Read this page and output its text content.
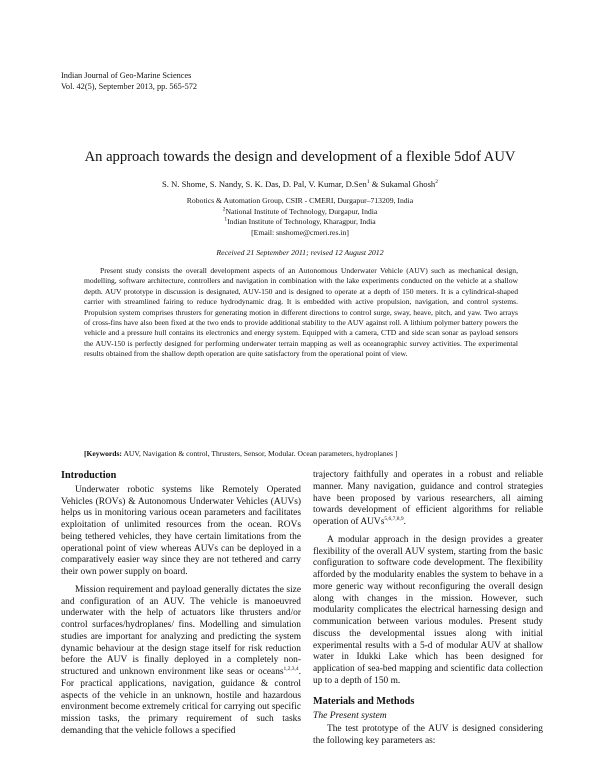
Indian Journal of Geo-Marine Sciences
Vol. 42(5), September 2013, pp. 565-572
An approach towards the design and development of a flexible 5dof AUV
S. N. Shome, S. Nandy, S. K. Das, D. Pal, V. Kumar, D.Sen$^1$ & Sukamal Ghosh$^2$
Robotics & Automation Group, CSIR - CMERI, Durgapur–713209, India
$^2$National Institute of Technology, Durgapur, India
$^1$Indian Institute of Technology, Kharagpur, India
[Email: snshome@cmeri.res.in]
Received 21 September 2011; revised 12 August 2012

Present study consists the overall development aspects of an Autonomous Underwater Vehicle (AUV) such as mechanical design, modelling, software architecture, controllers and navigation in combination with the lake experiments conducted on the vehicle at a shallow depth. AUV prototype in discussion is designated, AUV-150 and is designed to operate at a depth of 150 meters. It is a cylindrical-shaped carrier with streamlined fairing to reduce hydrodynamic drag. It is embedded with active propulsion, navigation, and control systems. Propulsion system comprises thrusters for generating motion in different directions to control surge, sway, heave, pitch, and yaw. Two arrays of cross-fins have also been fixed at the two ends to provide additional stability to the AUV against roll. A lithium polymer battery powers the vehicle and a pressure hull contains its electronics and energy system. Equipped with a camera, CTD and side scan sonar as payload sensors the AUV-150 is perfectly designed for performing underwater terrain mapping as well as oceanographic survey activities. The experimental results obtained from the shallow depth operation are quite satisfactory from the operational point of view.

[Keywords: AUV, Navigation & control, Thrusters, Sensor, Modular. Ocean parameters, hydroplanes ]
Introduction

Underwater robotic systems like Remotely Operated Vehicles (ROVs) & Autonomous Underwater Vehicles (AUVs) helps us in monitoring various ocean parameters and facilitates exploitation of unlimited resources from the ocean. ROVs being tethered vehicles, they have certain limitations from the operational point of view whereas AUVs can be deployed in a comparatively easier way since they are not tethered and carry their own power supply on board.

Mission requirement and payload generally dictates the size and configuration of an AUV. The vehicle is manoeuvred underwater with the help of actuators like thrusters and/or control surfaces/hydroplanes/ fins. Modelling and simulation studies are important for analyzing and predicting the system dynamic behaviour at the design stage itself for risk reduction before the AUV is finally deployed in a completely non-structured and unknown environment like seas or oceans$^{1,2,3,4}$. For practical applications, navigation, guidance & control aspects of the vehicle in an unknown, hostile and hazardous environment become extremely critical for carrying out specific mission tasks, the primary requirement of such tasks demanding that the vehicle follows a specified

trajectory faithfully and operates in a robust and reliable manner. Many navigation, guidance and control strategies have been proposed by various researchers, all aiming towards development of efficient algorithms for reliable operation of AUVs$^{5,6,7,8,9}$.

A modular approach in the design provides a greater flexibility of the overall AUV system, starting from the basic configuration to software code development. The flexibility afforded by the modularity enables the system to behave in a more generic way without reconfiguring the overall design along with changes in the mission. However, such modularity complicates the electrical harnessing design and communication between various modules. Present study discuss the developmental issues along with initial experimental results with a 5-d of modular AUV at shallow water in Idukki Lake which has been designed for application of sea-bed mapping and scientific data collection up to a depth of 150 m.

Materials and Methods
The Present system

The test prototype of the AUV is designed considering the following key parameters as:
